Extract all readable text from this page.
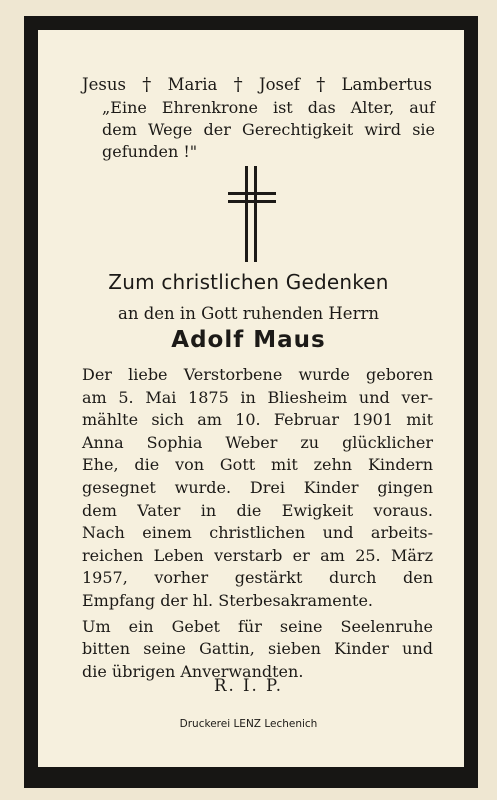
Jesus † Maria † Josef † Lambertus
„Eine Ehrenkrone ist das Alter, auf
dem Wege der Gerechtigkeit wird sie
gefunden !"
Zum christlichen Gedenken
an den in Gott ruhenden Herrn
Adolf Maus
Der liebe Verstorbene wurde geboren
am 5. Mai 1875 in Bliesheim und ver-
mählte sich am 10. Februar 1901 mit
Anna Sophia Weber zu glücklicher
Ehe, die von Gott mit zehn Kindern
gesegnet wurde. Drei Kinder gingen
dem Vater in die Ewigkeit voraus.
Nach einem christlichen und arbeits-
reichen Leben verstarb er am 25. März
1957, vorher gestärkt durch den
Empfang der hl. Sterbesakramente.
Um ein Gebet für seine Seelenruhe
bitten seine Gattin, sieben Kinder und
die übrigen Anverwandten.
R. I. P.
Druckerei LENZ Lechenich
